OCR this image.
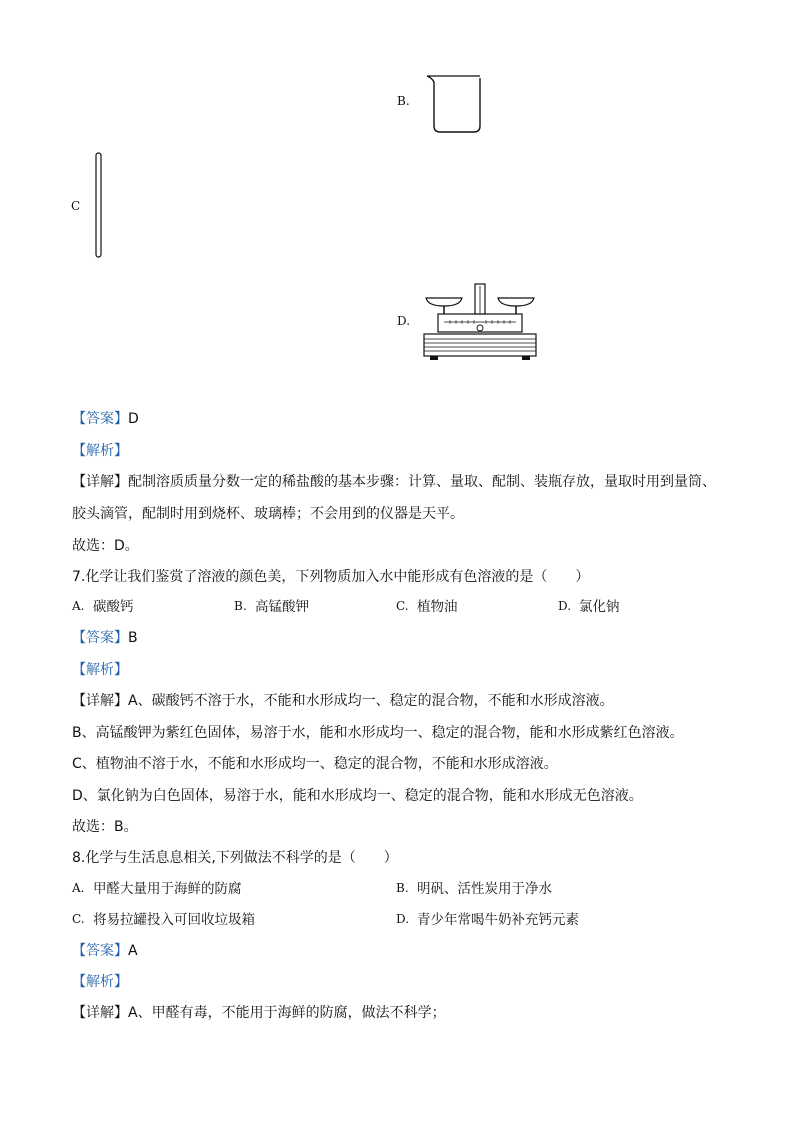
B.
C
D.
【答案】D
【解析】
【详解】配制溶质质量分数一定的稀盐酸的基本步骤：计算、量取、配制、装瓶存放，量取时用到量筒、
胶头滴管，配制时用到烧杯、玻璃棒；不会用到的仪器是天平。
故选：D。
7.化学让我们鉴赏了溶液的颜色美，下列物质加入水中能形成有色溶液的是（　　）
A. 碳酸钙	B. 高锰酸钾	C. 植物油	D. 氯化钠
【答案】B
【解析】
【详解】A、碳酸钙不溶于水，不能和水形成均一、稳定的混合物，不能和水形成溶液。
B、高锰酸钾为紫红色固体，易溶于水，能和水形成均一、稳定的混合物，能和水形成紫红色溶液。
C、植物油不溶于水，不能和水形成均一、稳定的混合物，不能和水形成溶液。
D、氯化钠为白色固体，易溶于水，能和水形成均一、稳定的混合物，能和水形成无色溶液。
故选：B。
8.化学与生活息息相关,下列做法不科学的是（　　）
A. 甲醛大量用于海鲜的防腐	B. 明矾、活性炭用于净水
C. 将易拉罐投入可回收垃圾箱	D. 青少年常喝牛奶补充钙元素
【答案】A
【解析】
【详解】A、甲醛有毒，不能用于海鲜的防腐，做法不科学；
